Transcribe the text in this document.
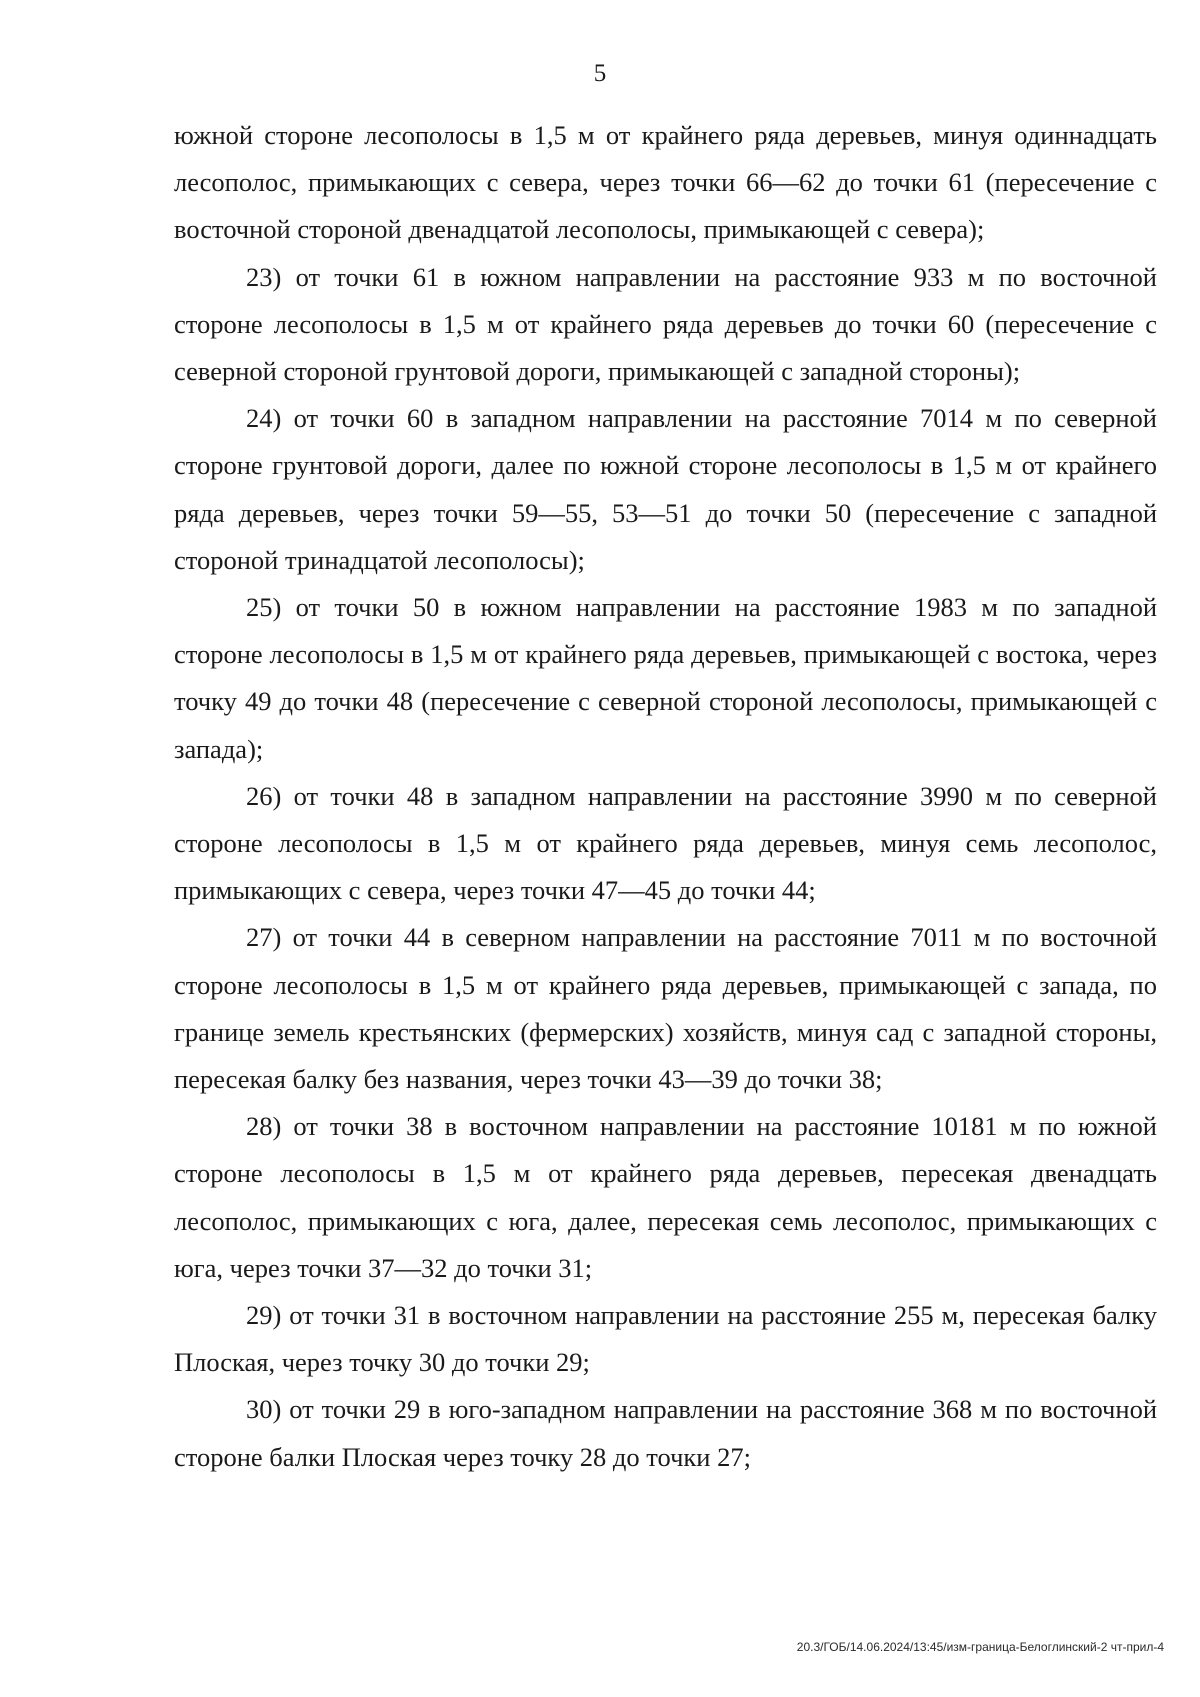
5

южной стороне лесополосы в 1,5 м от крайнего ряда деревьев, минуя одиннадцать лесополос, примыкающих с севера, через точки 66—62 до точки 61 (пересечение с восточной стороной двенадцатой лесополосы, примыкающей с севера);

23) от точки 61 в южном направлении на расстояние 933 м по восточной стороне лесополосы в 1,5 м от крайнего ряда деревьев до точки 60 (пересечение с северной стороной грунтовой дороги, примыкающей с западной стороны);

24) от точки 60 в западном направлении на расстояние 7014 м по северной стороне грунтовой дороги, далее по южной стороне лесополосы в 1,5 м от крайнего ряда деревьев, через точки 59—55, 53—51 до точки 50 (пересечение с западной стороной тринадцатой лесополосы);

25) от точки 50 в южном направлении на расстояние 1983 м по западной стороне лесополосы в 1,5 м от крайнего ряда деревьев, примыкающей с востока, через точку 49 до точки 48 (пересечение с северной стороной лесополосы, примыкающей с запада);

26) от точки 48 в западном направлении на расстояние 3990 м по северной стороне лесополосы в 1,5 м от крайнего ряда деревьев, минуя семь лесополос, примыкающих с севера, через точки 47—45 до точки 44;

27) от точки 44 в северном направлении на расстояние 7011 м по восточной стороне лесополосы в 1,5 м от крайнего ряда деревьев, примыкающей с запада, по границе земель крестьянских (фермерских) хозяйств, минуя сад с западной стороны, пересекая балку без названия, через точки 43—39 до точки 38;

28) от точки 38 в восточном направлении на расстояние 10181 м по южной стороне лесополосы в 1,5 м от крайнего ряда деревьев, пересекая двенадцать лесополос, примыкающих с юга, далее, пересекая семь лесополос, примыкающих с юга, через точки 37—32 до точки 31;

29) от точки 31 в восточном направлении на расстояние 255 м, пересекая балку Плоская, через точку 30 до точки 29;

30) от точки 29 в юго-западном направлении на расстояние 368 м по восточной стороне балки Плоская через точку 28 до точки 27;

20.3/ГОБ/14.06.2024/13:45/изм-граница-Белоглинский-2 чт-прил-4
